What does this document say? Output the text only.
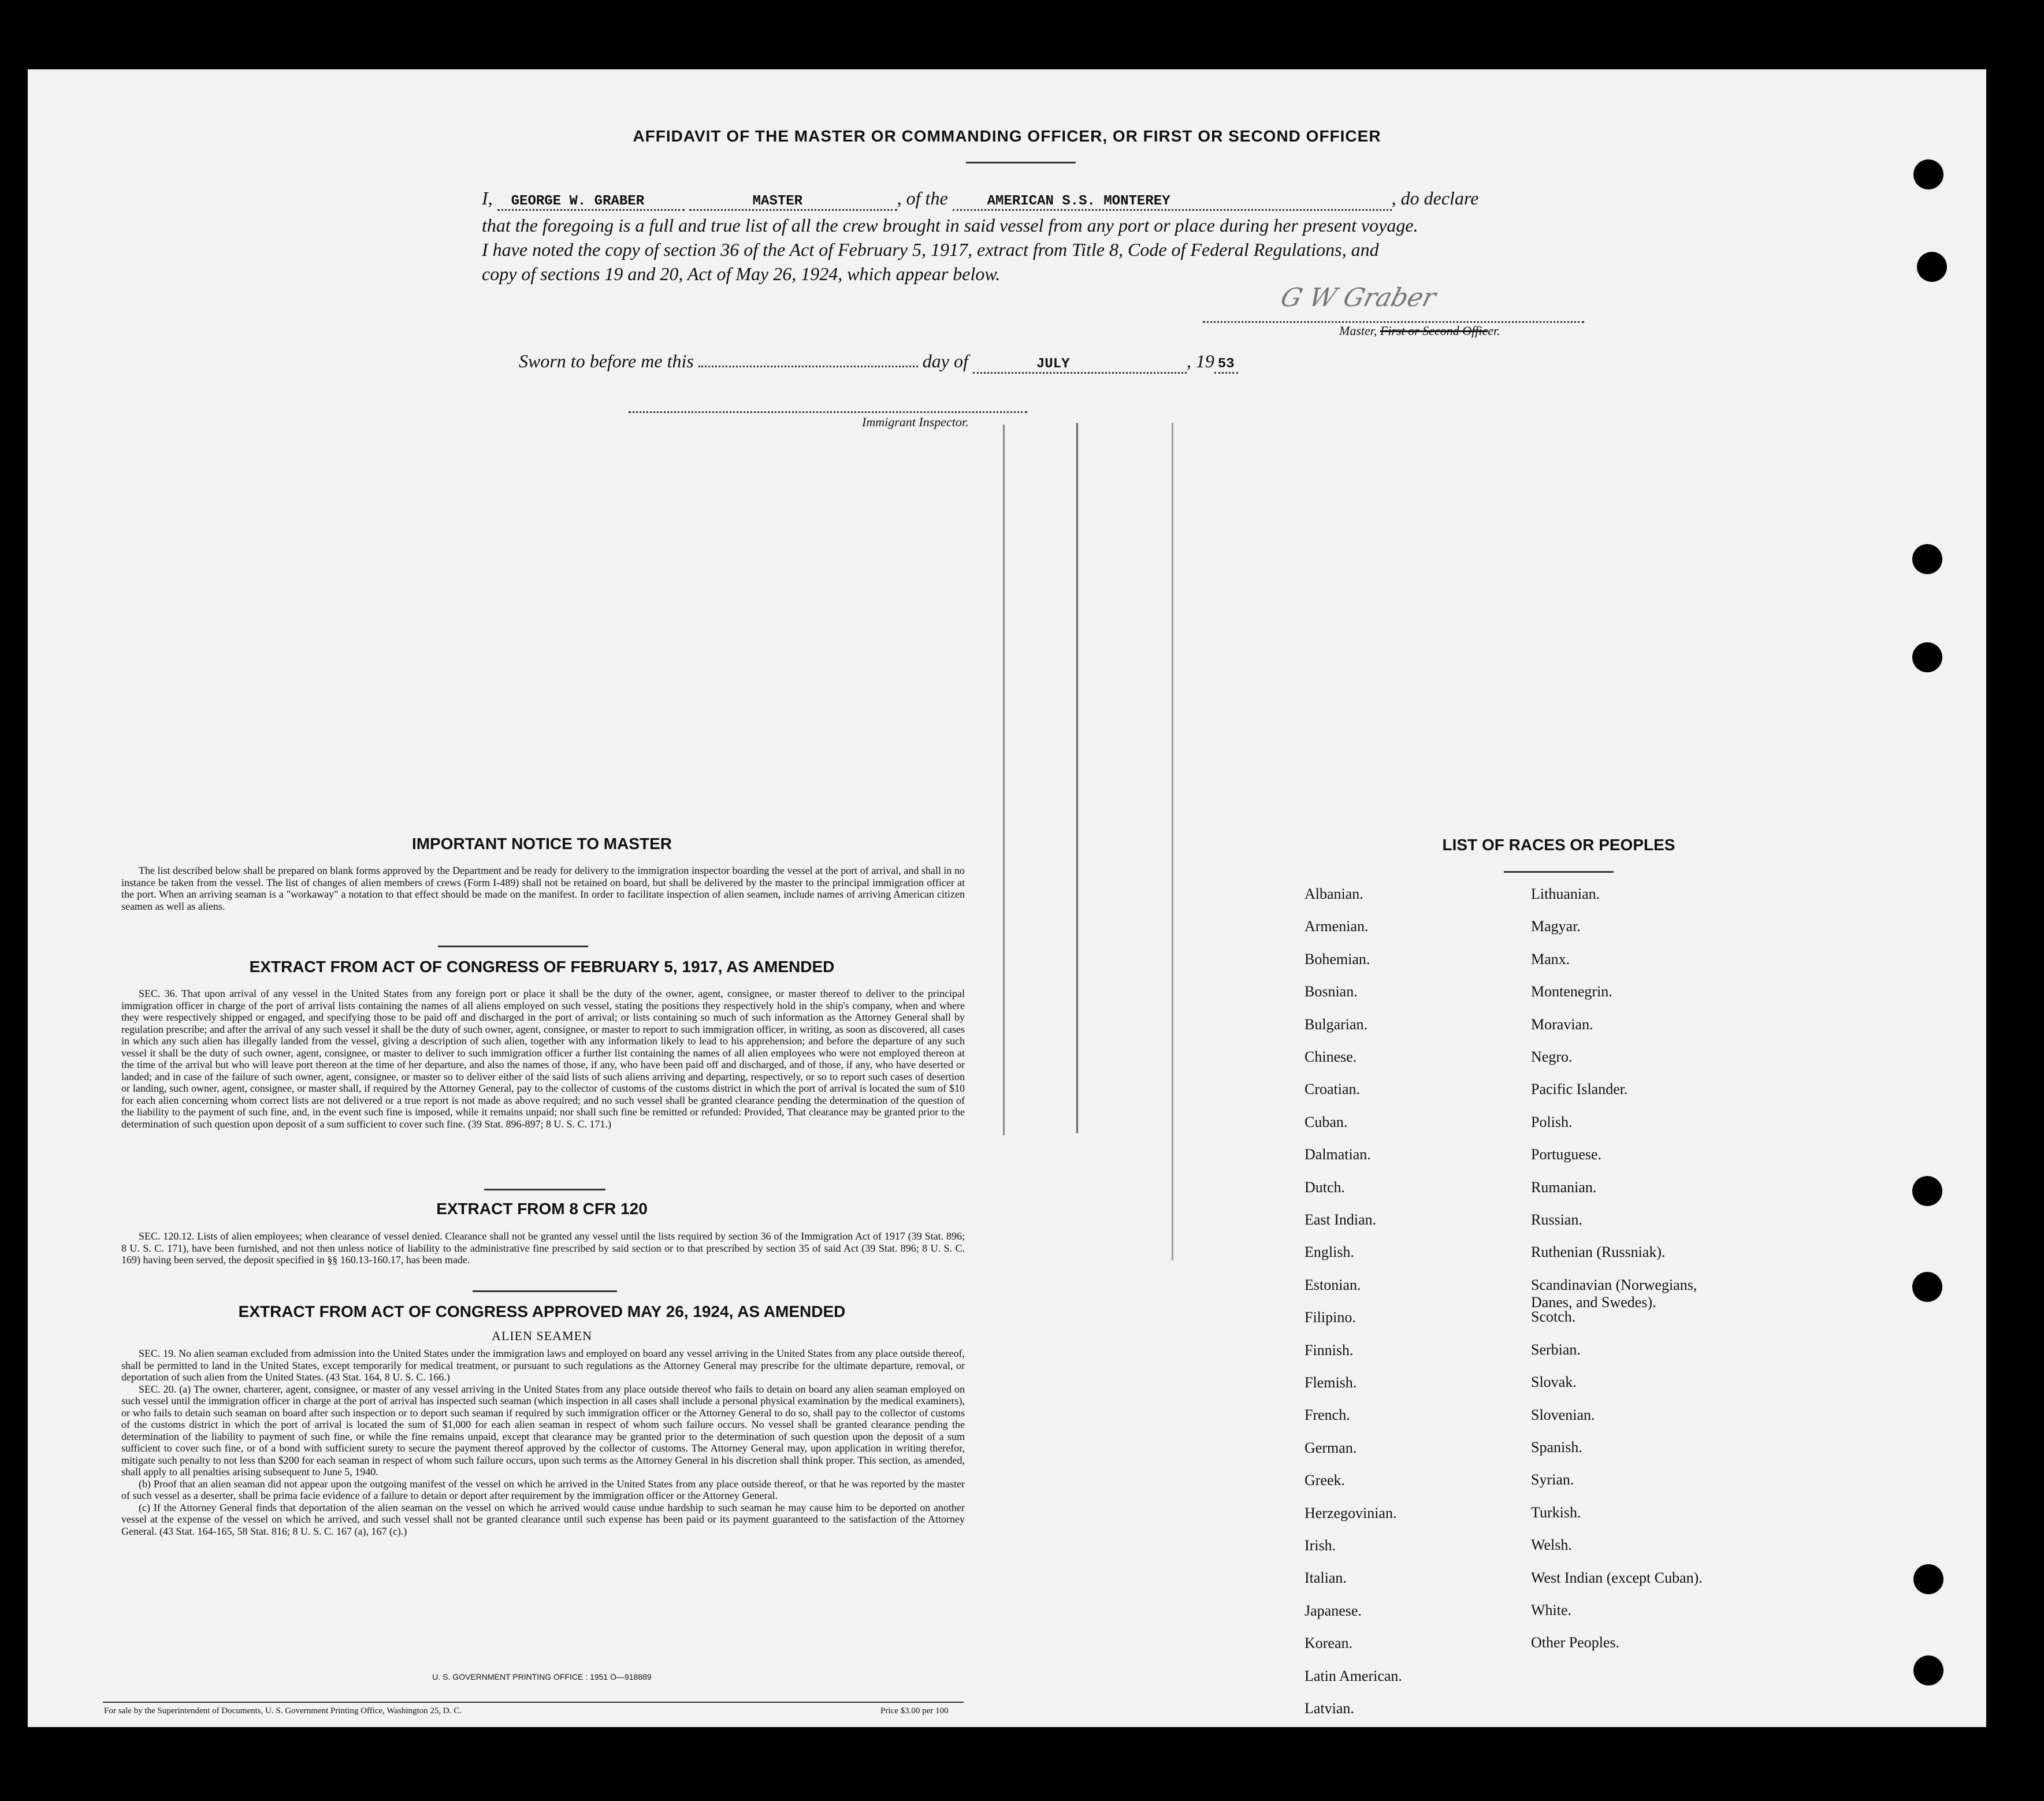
AFFIDAVIT OF THE MASTER OR COMMANDING OFFICER, OR FIRST OR SECOND OFFICER
I, GEORGE W. GRABER	MASTER	, of the	AMERICAN S.S. MONTEREY	, do declare
that the foregoing is a full and true list of all the crew brought in said vessel from any port or place during her present voyage.
I have noted the copy of section 36 of the Act of February 5, 1917, extract from Title 8, Code of Federal Regulations, and
copy of sections 19 and 20, Act of May 26, 1924, which appear below.
G W Graber
Master, First or Second Officer.
Sworn to before me this	day of	JULY	, 19 53
Immigrant Inspector.
IMPORTANT NOTICE TO MASTER
The list described below shall be prepared on blank forms approved by the Department and be ready for delivery to the immigration inspector boarding the vessel at the port of arrival, and shall in no instance be taken from the vessel. The list of changes of alien members of crews (Form I-489) shall not be retained on board, but shall be delivered by the master to the principal immigration officer at the port. When an arriving seaman is a "workaway" a notation to that effect should be made on the manifest. In order to facilitate inspection of alien seamen, include names of arriving American citizen seamen as well as aliens.
EXTRACT FROM ACT OF CONGRESS OF FEBRUARY 5, 1917, AS AMENDED
SEC. 36. That upon arrival of any vessel in the United States from any foreign port or place it shall be the duty of the owner, agent, consignee, or master thereof to deliver to the principal immigration officer in charge of the port of arrival lists containing the names of all aliens employed on such vessel, stating the positions they respectively hold in the ship's company, when and where they were respectively shipped or engaged, and specifying those to be paid off and discharged in the port of arrival; or lists containing so much of such information as the Attorney General shall by regulation prescribe; and after the arrival of any such vessel it shall be the duty of such owner, agent, consignee, or master to report to such immigration officer, in writing, as soon as discovered, all cases in which any such alien has illegally landed from the vessel, giving a description of such alien, together with any information likely to lead to his apprehension; and before the departure of any such vessel it shall be the duty of such owner, agent, consignee, or master to deliver to such immigration officer a further list containing the names of all alien employees who were not employed thereon at the time of the arrival but who will leave port thereon at the time of her departure, and also the names of those, if any, who have been paid off and discharged, and of those, if any, who have deserted or landed; and in case of the failure of such owner, agent, consignee, or master so to deliver either of the said lists of such aliens arriving and departing, respectively, or so to report such cases of desertion or landing, such owner, agent, consignee, or master shall, if required by the Attorney General, pay to the collector of customs of the customs district in which the port of arrival is located the sum of $10 for each alien concerning whom correct lists are not delivered or a true report is not made as above required; and no such vessel shall be granted clearance pending the determination of the question of the liability to the payment of such fine, and, in the event such fine is imposed, while it remains unpaid; nor shall such fine be remitted or refunded: Provided, That clearance may be granted prior to the determination of such question upon deposit of a sum sufficient to cover such fine. (39 Stat. 896-897; 8 U. S. C. 171.)
EXTRACT FROM 8 CFR 120
SEC. 120.12. Lists of alien employees; when clearance of vessel denied. Clearance shall not be granted any vessel until the lists required by section 36 of the Immigration Act of 1917 (39 Stat. 896; 8 U. S. C. 171), have been furnished, and not then unless notice of liability to the administrative fine prescribed by said section or to that prescribed by section 35 of said Act (39 Stat. 896; 8 U. S. C. 169) having been served, the deposit specified in §§ 160.13-160.17, has been made.
EXTRACT FROM ACT OF CONGRESS APPROVED MAY 26, 1924, AS AMENDED
ALIEN SEAMEN
SEC. 19. No alien seaman excluded from admission into the United States under the immigration laws and employed on board any vessel arriving in the United States from any place outside thereof, shall be permitted to land in the United States, except temporarily for medical treatment, or pursuant to such regulations as the Attorney General may prescribe for the ultimate departure, removal, or deportation of such alien from the United States. (43 Stat. 164, 8 U. S. C. 166.)
SEC. 20. (a) The owner, charterer, agent, consignee, or master of any vessel arriving in the United States from any place outside thereof who fails to detain on board any alien seaman employed on such vessel until the immigration officer in charge at the port of arrival has inspected such seaman (which inspection in all cases shall include a personal physical examination by the medical examiners), or who fails to detain such seaman on board after such inspection or to deport such seaman if required by such immigration officer or the Attorney General to do so, shall pay to the collector of customs of the customs district in which the port of arrival is located the sum of $1,000 for each alien seaman in respect of whom such failure occurs. No vessel shall be granted clearance pending the determination of the liability to payment of such fine, or while the fine remains unpaid, except that clearance may be granted prior to the determination of such question upon the deposit of a sum sufficient to cover such fine, or of a bond with sufficient surety to secure the payment thereof approved by the collector of customs. The Attorney General may, upon application in writing therefor, mitigate such penalty to not less than $200 for each seaman in respect of whom such failure occurs, upon such terms as the Attorney General in his discretion shall think proper. This section, as amended, shall apply to all penalties arising subsequent to June 5, 1940.
(b) Proof that an alien seaman did not appear upon the outgoing manifest of the vessel on which he arrived in the United States from any place outside thereof, or that he was reported by the master of such vessel as a deserter, shall be prima facie evidence of a failure to detain or deport after requirement by the immigration officer or the Attorney General.
(c) If the Attorney General finds that deportation of the alien seaman on the vessel on which he arrived would cause undue hardship to such seaman he may cause him to be deported on another vessel at the expense of the vessel on which he arrived, and such vessel shall not be granted clearance until such expense has been paid or its payment guaranteed to the satisfaction of the Attorney General. (43 Stat. 164-165, 58 Stat. 816; 8 U. S. C. 167 (a), 167 (c).)
U. S. GOVERNMENT PRINTING OFFICE : 1951 O—918889
For sale by the Superintendent of Documents, U. S. Government Printing Office, Washington 25, D. C.	Price $3.00 per 100
LIST OF RACES OR PEOPLES
Albanian.
Armenian.
Bohemian.
Bosnian.
Bulgarian.
Chinese.
Croatian.
Cuban.
Dalmatian.
Dutch.
East Indian.
English.
Estonian.
Filipino.
Finnish.
Flemish.
French.
German.
Greek.
Herzegovinian.
Irish.
Italian.
Japanese.
Korean.
Latin American.
Latvian.
Lithuanian.
Magyar.
Manx.
Montenegrin.
Moravian.
Negro.
Pacific Islander.
Polish.
Portuguese.
Rumanian.
Russian.
Ruthenian (Russniak).
Scandinavian (Norwegians, Danes, and Swedes).
Scotch.
Serbian.
Slovak.
Slovenian.
Spanish.
Syrian.
Turkish.
Welsh.
West Indian (except Cuban).
White.
Other Peoples.
